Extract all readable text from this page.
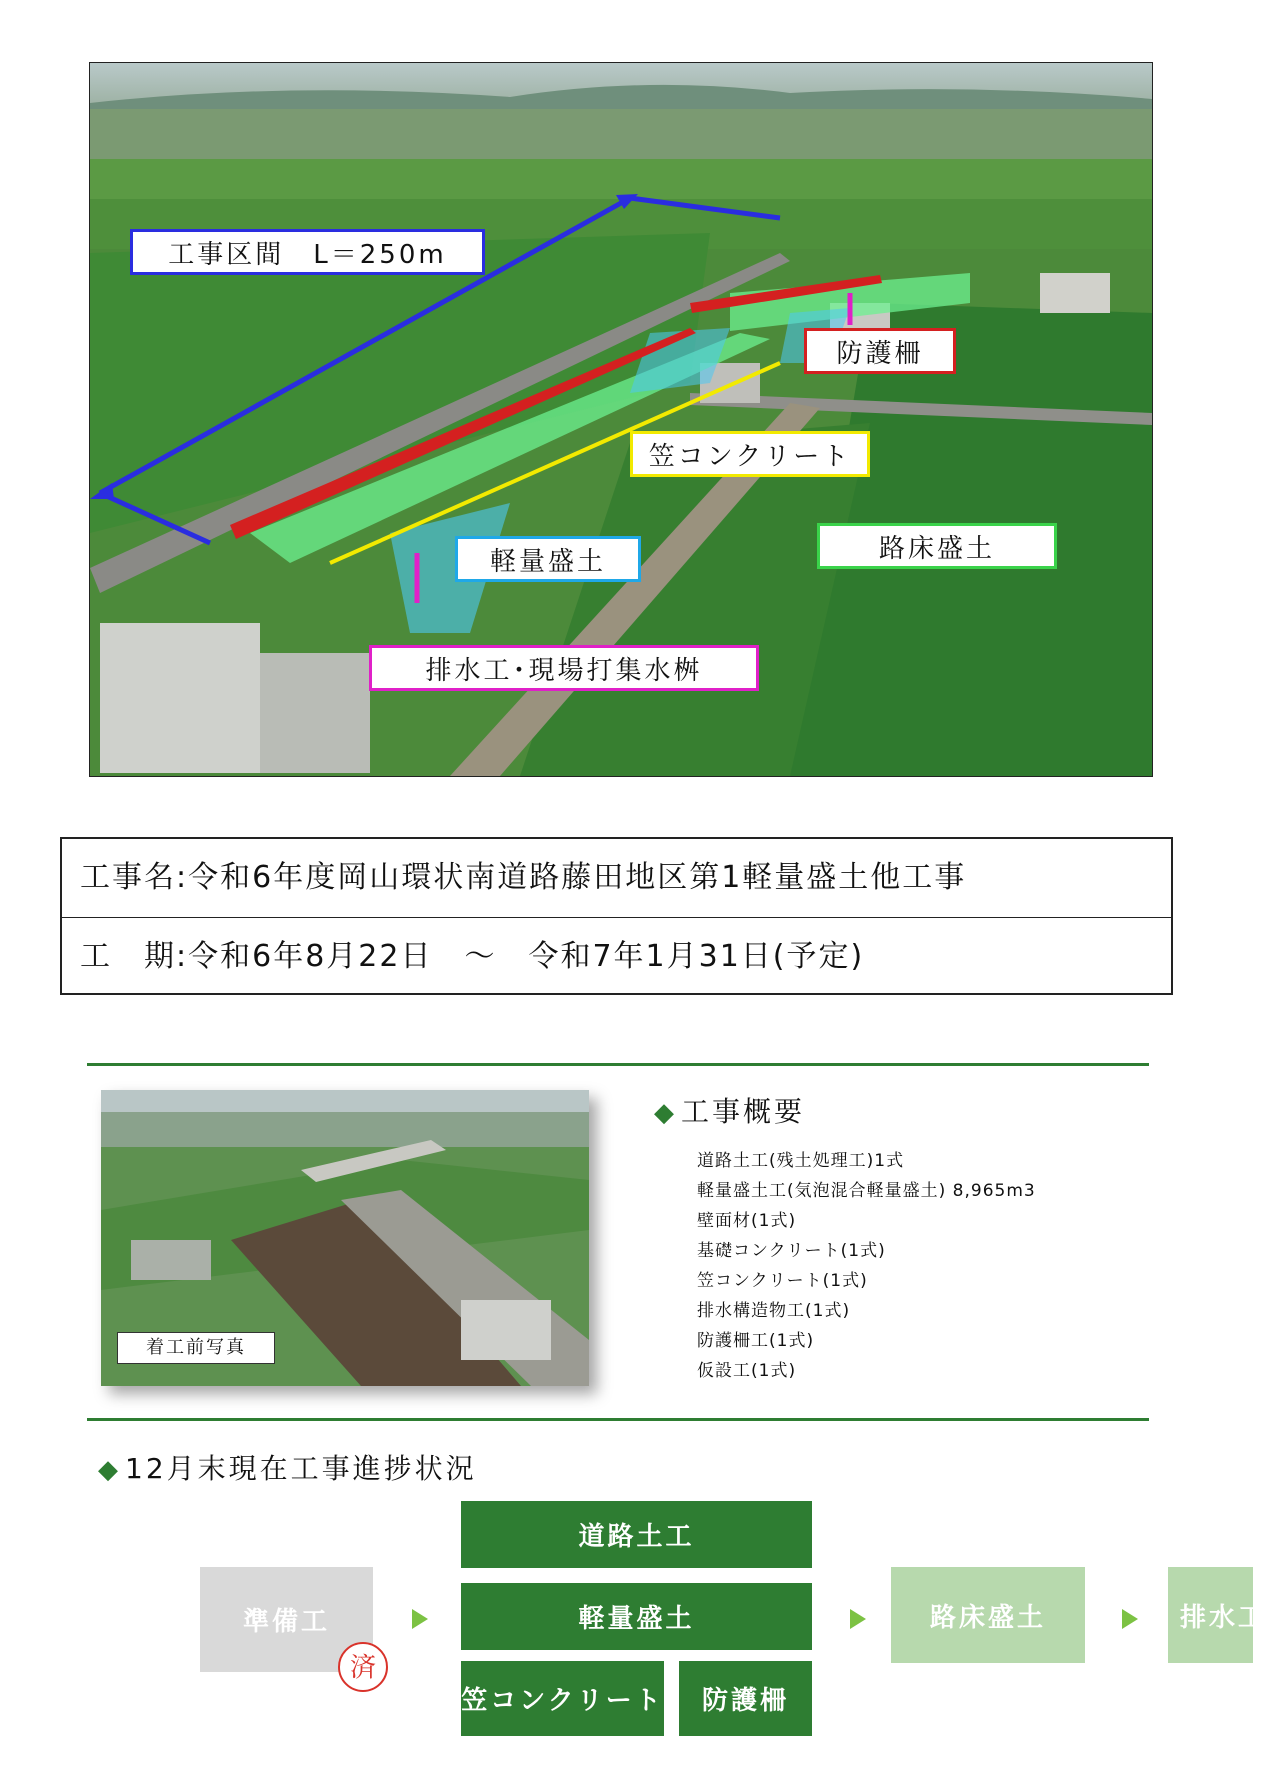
工事区間　L＝250m
防護柵
笠コンクリート
路床盛土
軽量盛土
排水工･現場打集水桝
工事名:令和6年度岡山環状南道路藤田地区第1軽量盛土他工事
工　期:令和6年8月22日　～　令和7年1月31日(予定)
着工前写真
◆ 工事概要
道路土工(残土処理工)1式
軽量盛土工(気泡混合軽量盛土) 8,965m3
壁面材(1式)
基礎コンクリート(1式)
笠コンクリート(1式)
排水構造物工(1式)
防護柵工(1式)
仮設工(1式)
◆ 12月末現在工事進捗状況
準備工
済
道路土工
軽量盛土
笠コンクリート	防護柵
路床盛土	排水工
